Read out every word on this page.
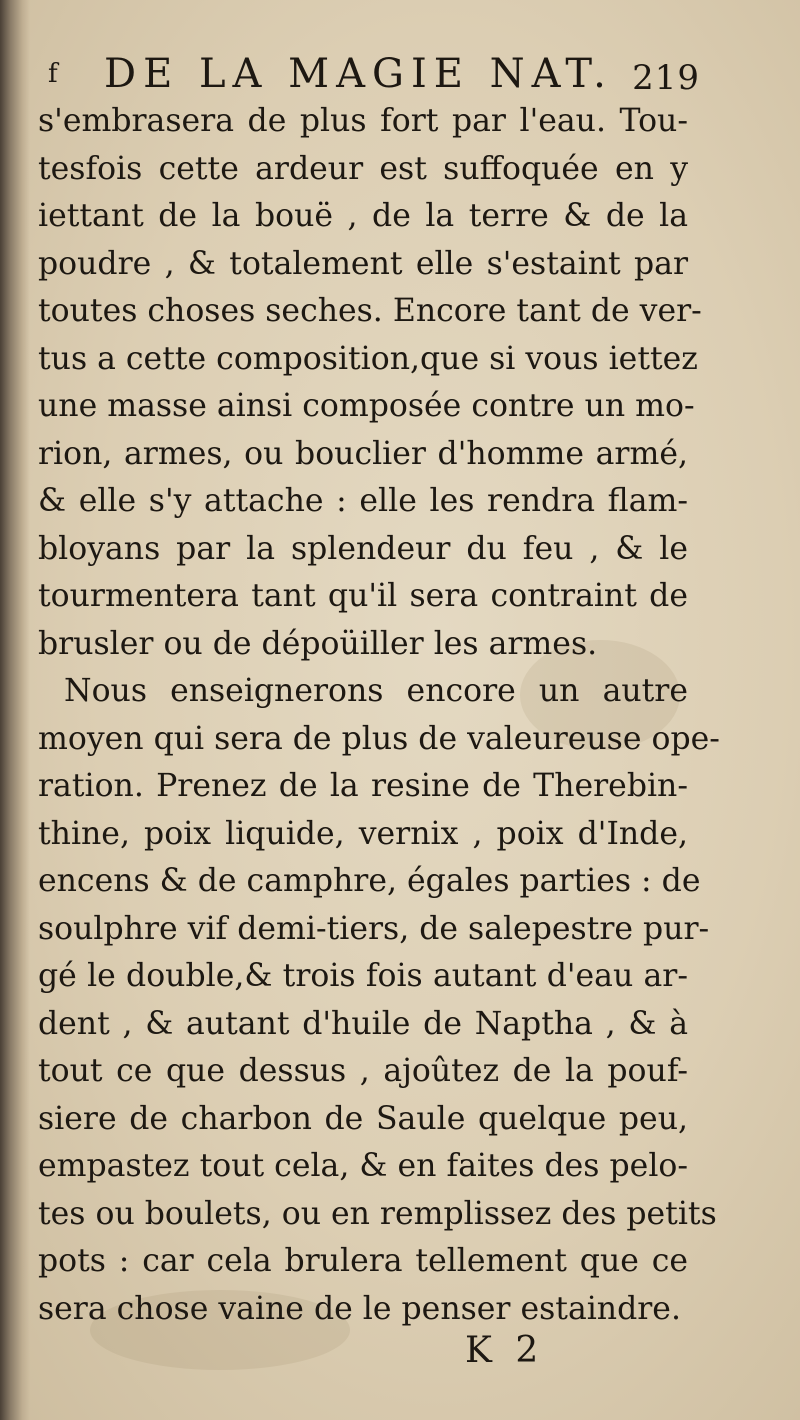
f DE LA MAGIE NAT. 219
s'embrasera de plus fort par l'eau. Tou-
tesfois cette ardeur est suffoquée en y
iettant de la bouë , de la terre & de la
poudre , & totalement elle s'estaint par
toutes choses seches. Encore tant de ver-
tus a cette composition,que si vous iettez
une masse ainsi composée contre un mo-
rion, armes, ou bouclier d'homme armé,
& elle s'y attache : elle les rendra flam-
bloyans par la splendeur du feu , & le
tourmentera tant qu'il sera contraint de
brusler ou de dépoüiller les armes.
Nous enseignerons encore un autre
moyen qui sera de plus de valeureuse ope-
ration. Prenez de la resine de Therebin-
thine, poix liquide, vernix , poix d'Inde,
encens & de camphre, égales parties : de
soulphre vif demi-tiers, de salepestre pur-
gé le double,& trois fois autant d'eau ar-
dent , & autant d'huile de Naptha , & à
tout ce que dessus , ajoûtez de la pouf-
siere de charbon de Saule quelque peu,
empastez tout cela, & en faites des pelo-
tes ou boulets, ou en remplissez des petits
pots : car cela brulera tellement que ce
sera chose vaine de le penser estaindre.
K 2
